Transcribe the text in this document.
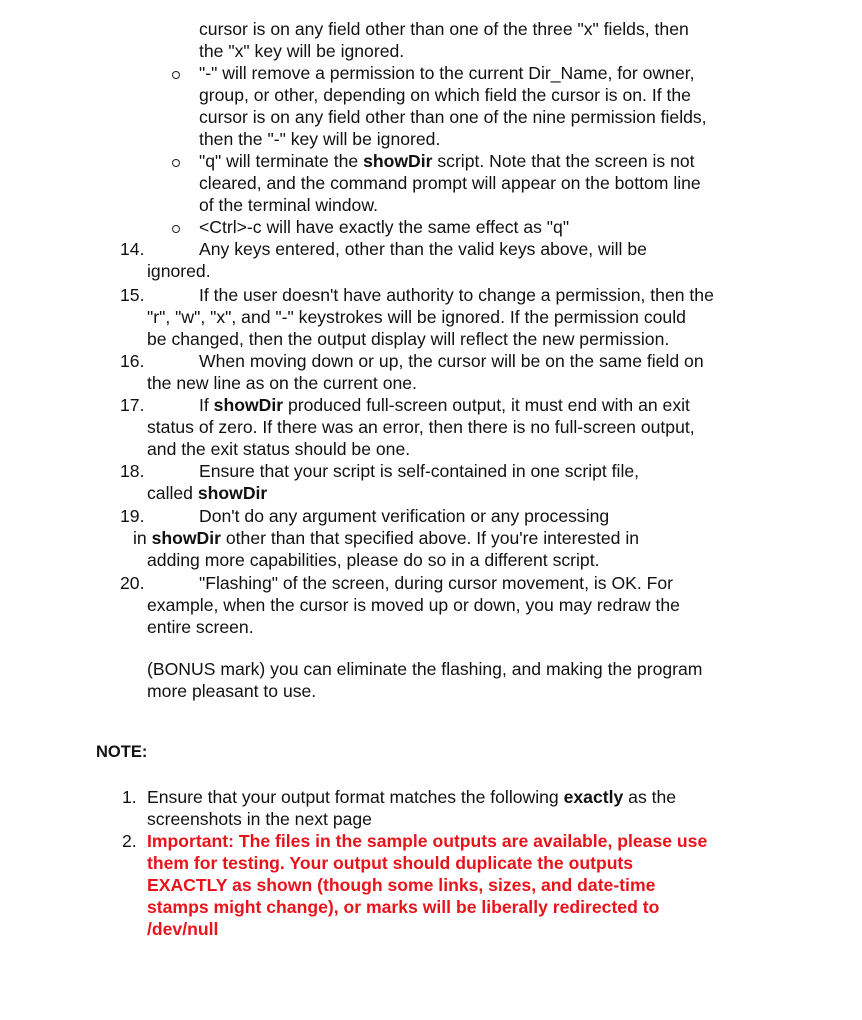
cursor is on any field other than one of the three "x" fields, then
the "x" key will be ignored.
"-" will remove a permission to the current Dir_Name, for owner,
group, or other, depending on which field the cursor is on. If the
cursor is on any field other than one of the nine permission fields,
then the "-" key will be ignored.
"q" will terminate the showDir script. Note that the screen is not
cleared, and the command prompt will appear on the bottom line
of the terminal window.
<Ctrl>-c will have exactly the same effect as "q"
14.	Any keys entered, other than the valid keys above, will be
ignored.
15.	If the user doesn't have authority to change a permission, then the
"r", "w", "x", and "-" keystrokes will be ignored. If the permission could
be changed, then the output display will reflect the new permission.
16.	When moving down or up, the cursor will be on the same field on
the new line as on the current one.
17.	If showDir produced full-screen output, it must end with an exit
status of zero. If there was an error, then there is no full-screen output,
and the exit status should be one.
18.	Ensure that your script is self-contained in one script file,
called showDir
19.	Don't do any argument verification or any processing
in showDir other than that specified above. If you're interested in
adding more capabilities, please do so in a different script.
20.	"Flashing" of the screen, during cursor movement, is OK. For
example, when the cursor is moved up or down, you may redraw the
entire screen.
(BONUS mark) you can eliminate the flashing, and making the program
more pleasant to use.
NOTE:
1. Ensure that your output format matches the following exactly as the
screenshots in the next page
2. Important: The files in the sample outputs are available, please use
them for testing. Your output should duplicate the outputs
EXACTLY as shown (though some links, sizes, and date-time
stamps might change), or marks will be liberally redirected to
/dev/null
